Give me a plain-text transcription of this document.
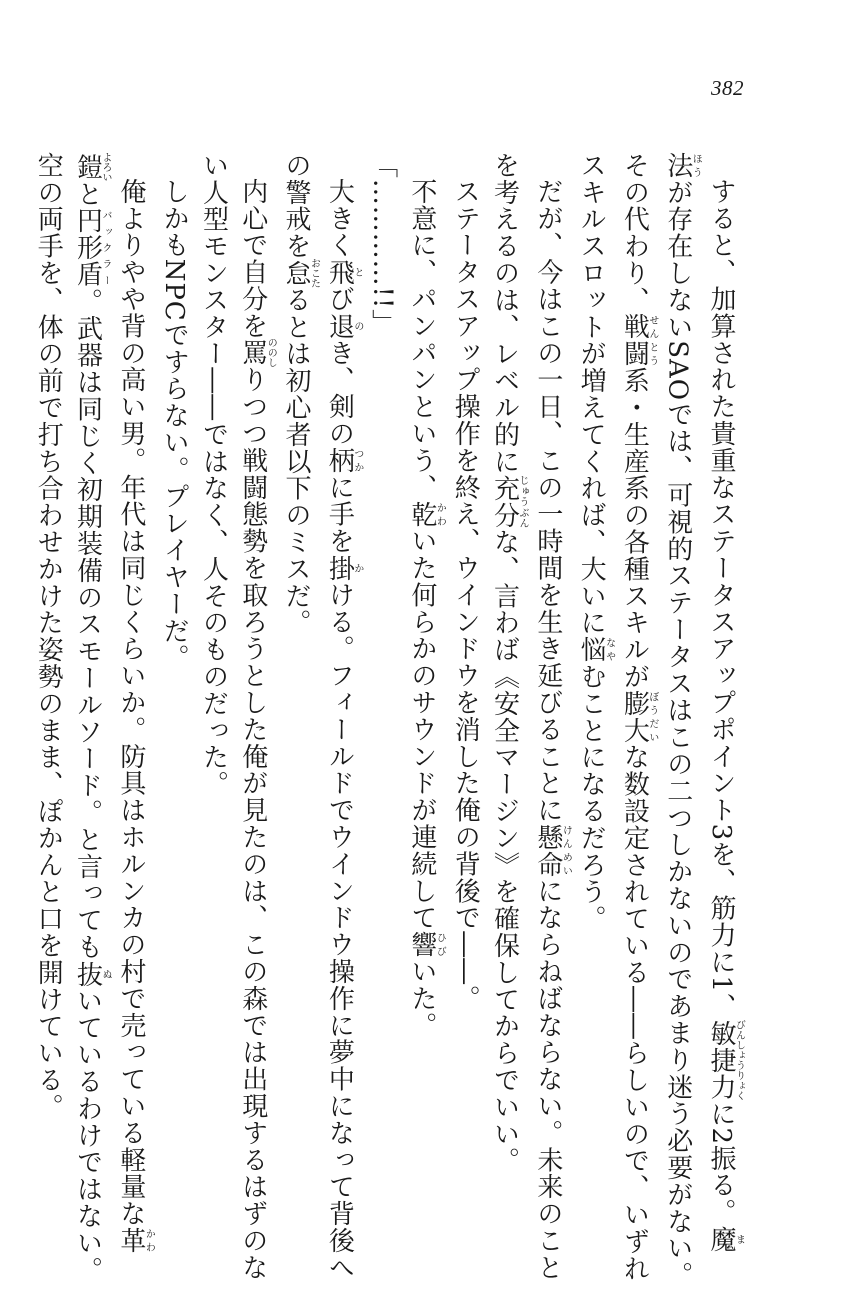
382
すると、加算された貴重なステータスアップポイント3を、筋力に1、敏捷力びんしょうりょくに2振る。魔ま
法ほうが存在しないSAOでは、可視的ステータスはこの二つしかないのであまり迷う必要がない。
その代わり、戦闘せんとう系・生産系の各種スキルが膨大ぼうだいな数設定されている――らしいので、いずれ
スキルスロットが増えてくれば、大いに悩なやむことになるだろう。
だが、今はこの一日、この一時間を生き延びることに懸命けんめいにならねばならない。未来のこと
を考えるのは、レベル的に充分じゅうぶんな、言わば《安全マージン》を確保してからでいい。
ステータスアップ操作を終え、ウインドウを消した俺の背後で――。
不意に、パンパンという、乾かわいた何らかのサウンドが連続して響ひびいた。
「…………!!」
大きく飛とび退のき、剣の柄つかに手を掛かける。フィールドでウインドウ操作に夢中になって背後へ
の警戒を怠おこたるとは初心者以下のミスだ。
内心で自分を罵ののしりつつ戦闘態勢を取ろうとした俺が見たのは、この森では出現するはずのな
い人型モンスター――ではなく、人そのものだった。
しかもNPCですらない。プレイヤーだ。
俺よりやや背の高い男。年代は同じくらいか。防具はホルンカの村で売っている軽量な革かわ
鎧よろいと円形盾バックラー。武器は同じく初期装備のスモールソード。と言っても抜ぬいているわけではない。
空の両手を、体の前で打ち合わせかけた姿勢のまま、ぽかんと口を開けている。
